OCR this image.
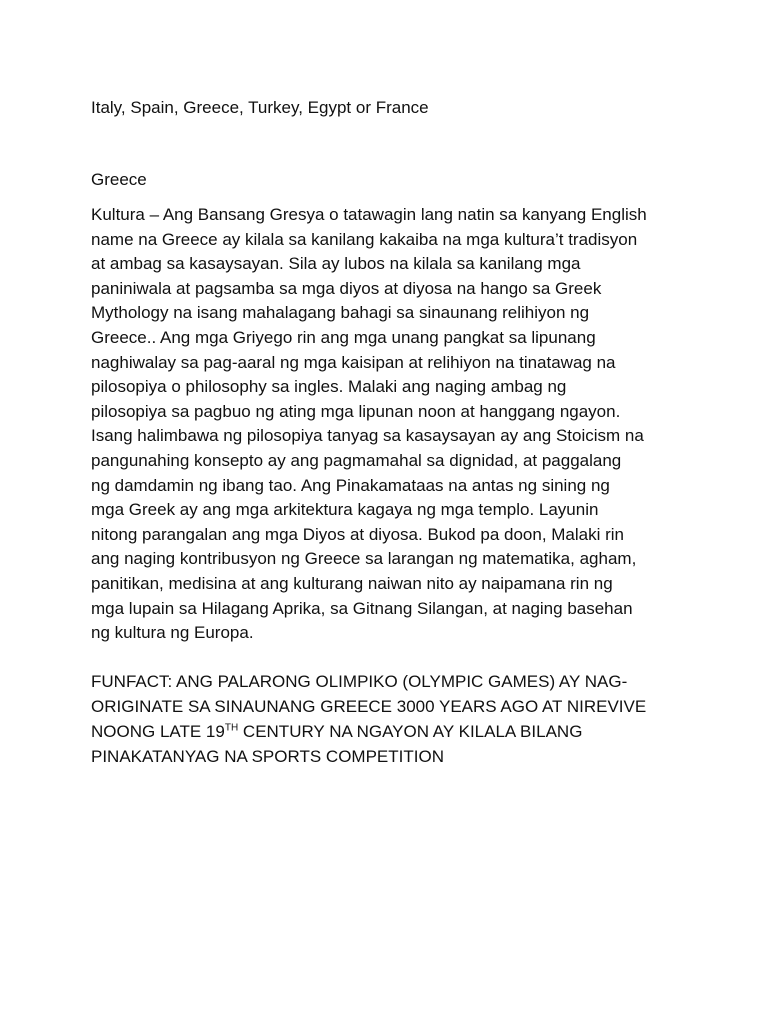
Italy, Spain, Greece, Turkey, Egypt or France

Greece

Kultura – Ang Bansang Gresya o tatawagin lang natin sa kanyang English
name na Greece ay kilala sa kanilang kakaiba na mga kultura’t tradisyon
at ambag sa kasaysayan. Sila ay lubos na kilala sa kanilang mga
paniniwala at pagsamba sa mga diyos at diyosa na hango sa Greek
Mythology na isang mahalagang bahagi sa sinaunang relihiyon ng
Greece.. Ang mga Griyego rin ang mga unang pangkat sa lipunang
naghiwalay sa pag-aaral ng mga kaisipan at relihiyon na tinatawag na
pilosopiya o philosophy sa ingles. Malaki ang naging ambag ng
pilosopiya sa pagbuo ng ating mga lipunan noon at hanggang ngayon.
Isang halimbawa ng pilosopiya tanyag sa kasaysayan ay ang Stoicism na
pangunahing konsepto ay ang pagmamahal sa dignidad, at paggalang
ng damdamin ng ibang tao. Ang Pinakamataas na antas ng sining ng
mga Greek ay ang mga arkitektura kagaya ng mga templo. Layunin
nitong parangalan ang mga Diyos at diyosa. Bukod pa doon, Malaki rin
ang naging kontribusyon ng Greece sa larangan ng matematika, agham,
panitikan, medisina at ang kulturang naiwan nito ay naipamana rin ng
mga lupain sa Hilagang Aprika, sa Gitnang Silangan, at naging basehan
ng kultura ng Europa.

FUNFACT: ANG PALARONG OLIMPIKO (OLYMPIC GAMES) AY NAG-
ORIGINATE SA SINAUNANG GREECE 3000 YEARS AGO AT NIREVIVE
NOONG LATE 19TH CENTURY NA NGAYON AY KILALA BILANG
PINAKATANYAG NA SPORTS COMPETITION
